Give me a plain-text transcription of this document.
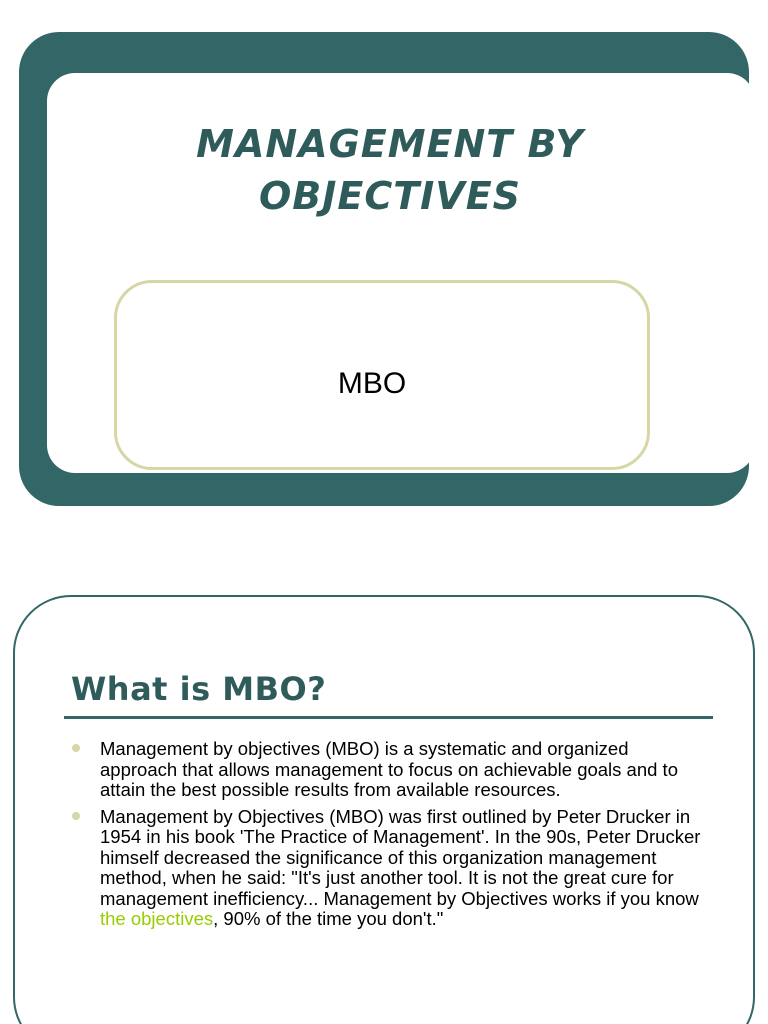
MANAGEMENT BY
OBJECTIVES
MBO
What is MBO?
Management by objectives (MBO) is a systematic and organized approach that allows management to focus on achievable goals and to attain the best possible results from available resources.
Management by Objectives (MBO) was first outlined by Peter Drucker in 1954 in his book 'The Practice of Management'. In the 90s, Peter Drucker himself decreased the significance of this organization management method, when he said: "It's just another tool. It is not the great cure for management inefficiency... Management by Objectives works if you know the objectives, 90% of the time you don't."
